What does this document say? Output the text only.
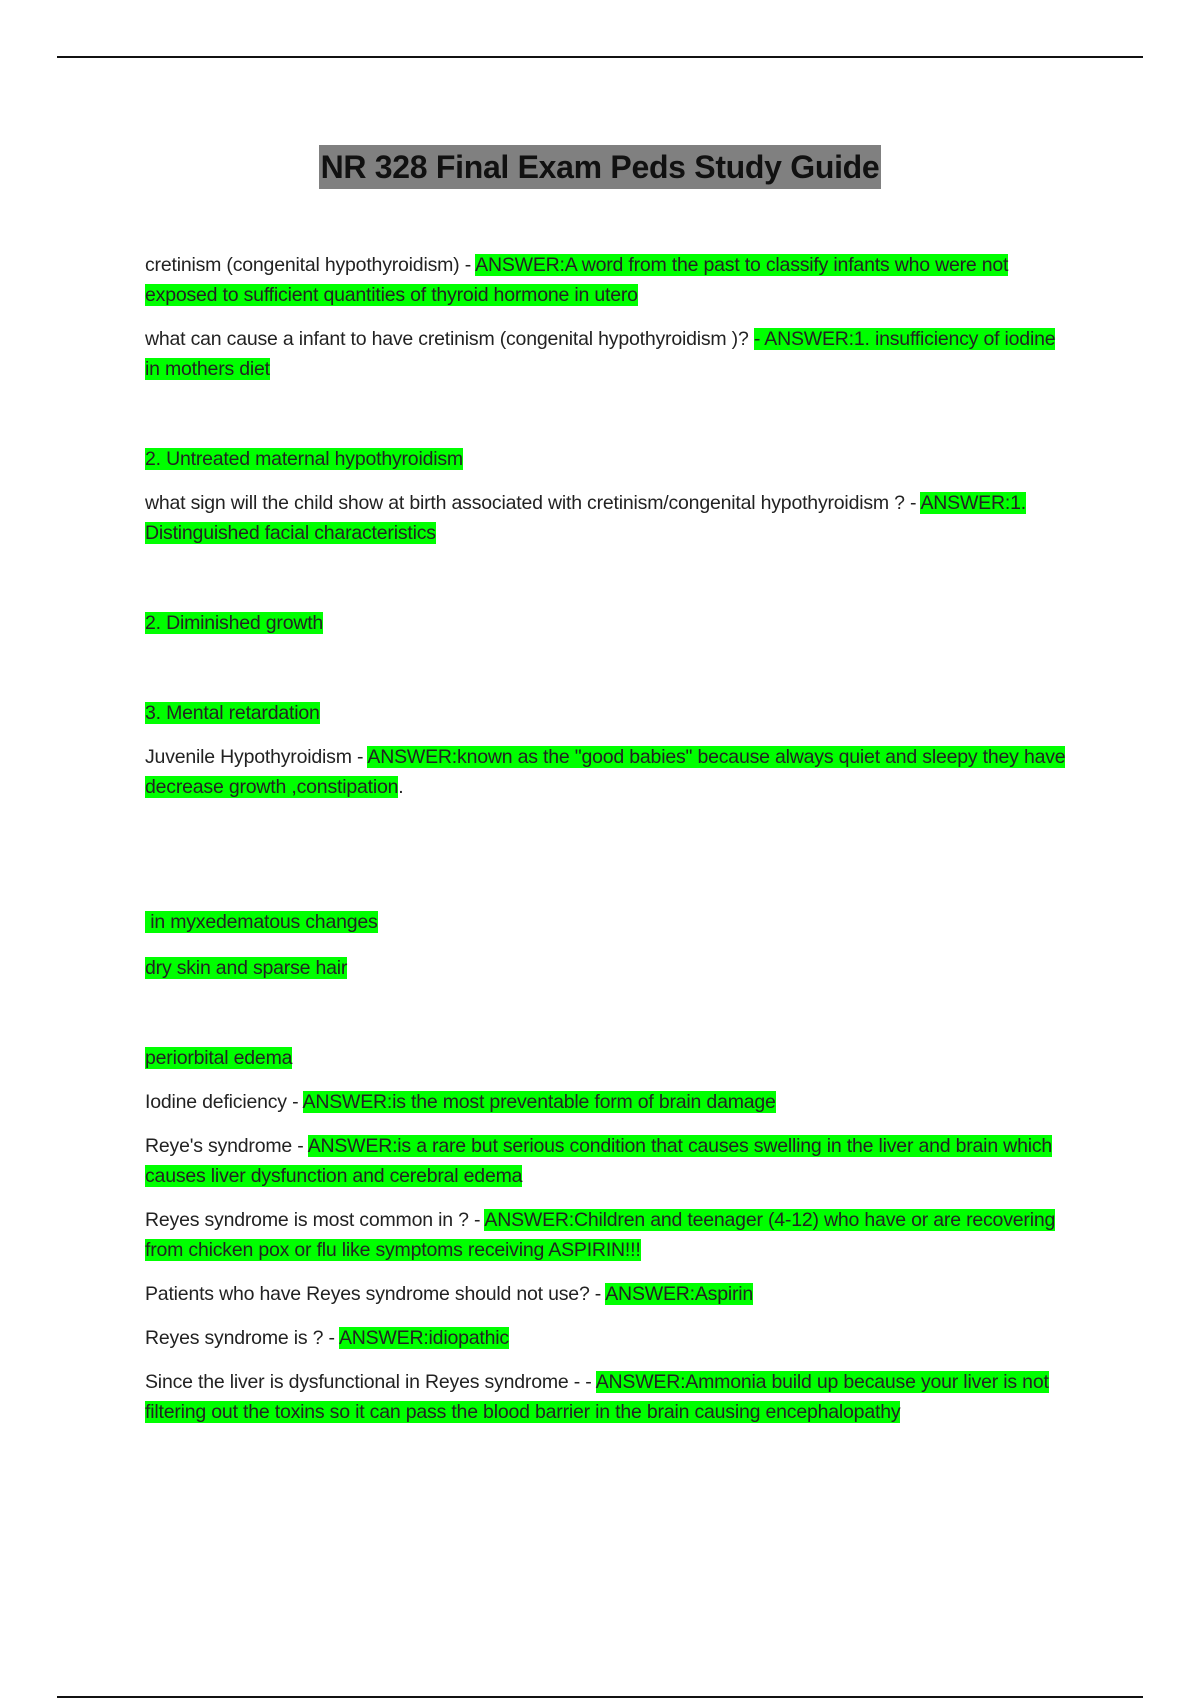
NR 328 Final Exam Peds Study Guide

cretinism (congenital hypothyroidism) - ANSWER:A word from the past to classify infants who were not exposed to sufficient quantities of thyroid hormone in utero

what can cause a infant to have cretinism (congenital hypothyroidism )? - ANSWER:1. insufficiency of iodine in mothers diet

2. Untreated maternal hypothyroidism

what sign will the child show at birth associated with cretinism/congenital hypothyroidism ? - ANSWER:1. Distinguished facial characteristics

2. Diminished growth

3. Mental retardation

Juvenile Hypothyroidism - ANSWER:known as the "good babies" because always quiet and sleepy they have decrease growth ,constipation.

in myxedematous changes

dry skin and sparse hair

periorbital edema

Iodine deficiency - ANSWER:is the most preventable form of brain damage

Reye's syndrome - ANSWER:is a rare but serious condition that causes swelling in the liver and brain which causes liver dysfunction and cerebral edema

Reyes syndrome is most common in ? - ANSWER:Children and teenager (4-12) who have or are recovering from chicken pox or flu like symptoms receiving ASPIRIN!!!

Patients who have Reyes syndrome should not use? - ANSWER:Aspirin

Reyes syndrome is ? - ANSWER:idiopathic

Since the liver is dysfunctional in Reyes syndrome - - ANSWER:Ammonia build up because your liver is not filtering out the toxins so it can pass the blood barrier in the brain causing encephalopathy
